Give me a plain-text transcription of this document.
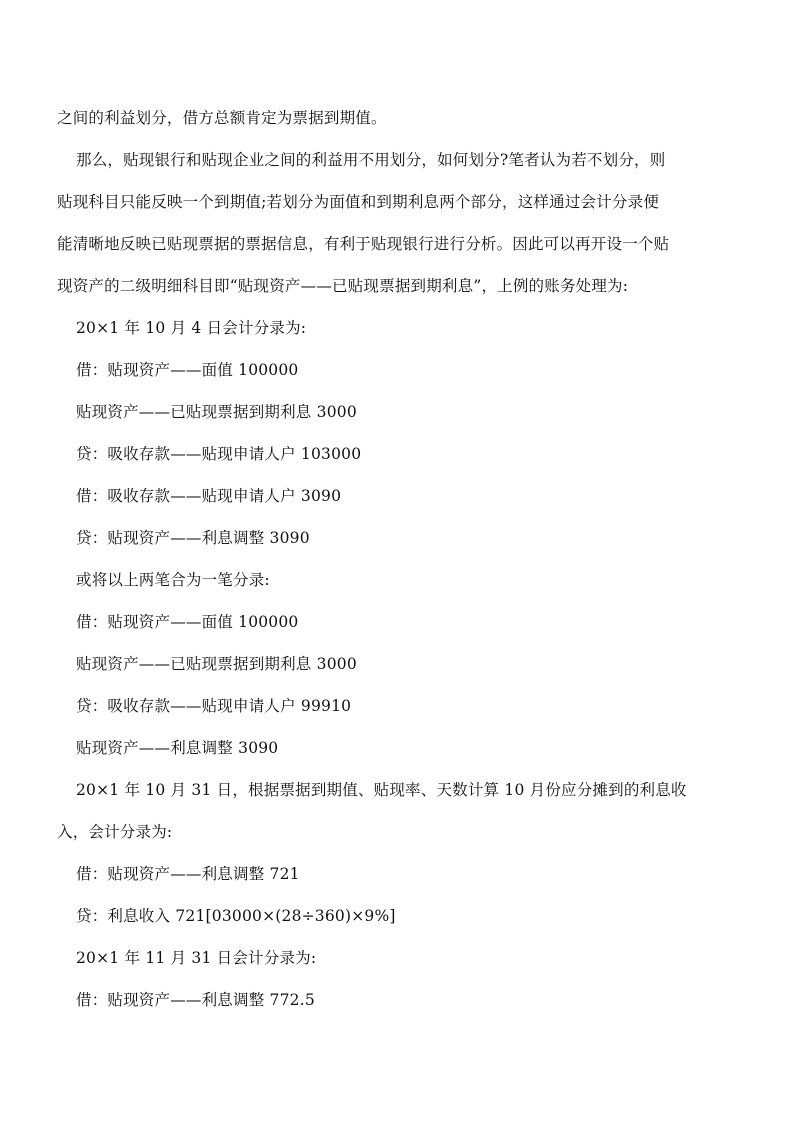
之间的利益划分，借方总额肯定为票据到期值。
那么，贴现银行和贴现企业之间的利益用不用划分，如何划分?笔者认为若不划分，则
贴现科目只能反映一个到期值;若划分为面值和到期利息两个部分，这样通过会计分录便
能清晰地反映已贴现票据的票据信息，有利于贴现银行进行分析。因此可以再开设一个贴
现资产的二级明细科目即“贴现资产——已贴现票据到期利息”，上例的账务处理为:
20×1 年 10 月 4 日会计分录为:
借：贴现资产——面值 100000
贴现资产——已贴现票据到期利息 3000
贷：吸收存款——贴现申请人户 103000
借：吸收存款——贴现申请人户 3090
贷：贴现资产——利息调整 3090
或将以上两笔合为一笔分录:
借：贴现资产——面值 100000
贴现资产——已贴现票据到期利息 3000
贷：吸收存款——贴现申请人户 99910
贴现资产——利息调整 3090
20×1 年 10 月 31 日，根据票据到期值、贴现率、天数计算 10 月份应分摊到的利息收
入，会计分录为:
借：贴现资产——利息调整 721
贷：利息收入 721[03000×(28÷360)×9%]
20×1 年 11 月 31 日会计分录为:
借：贴现资产——利息调整 772.5
